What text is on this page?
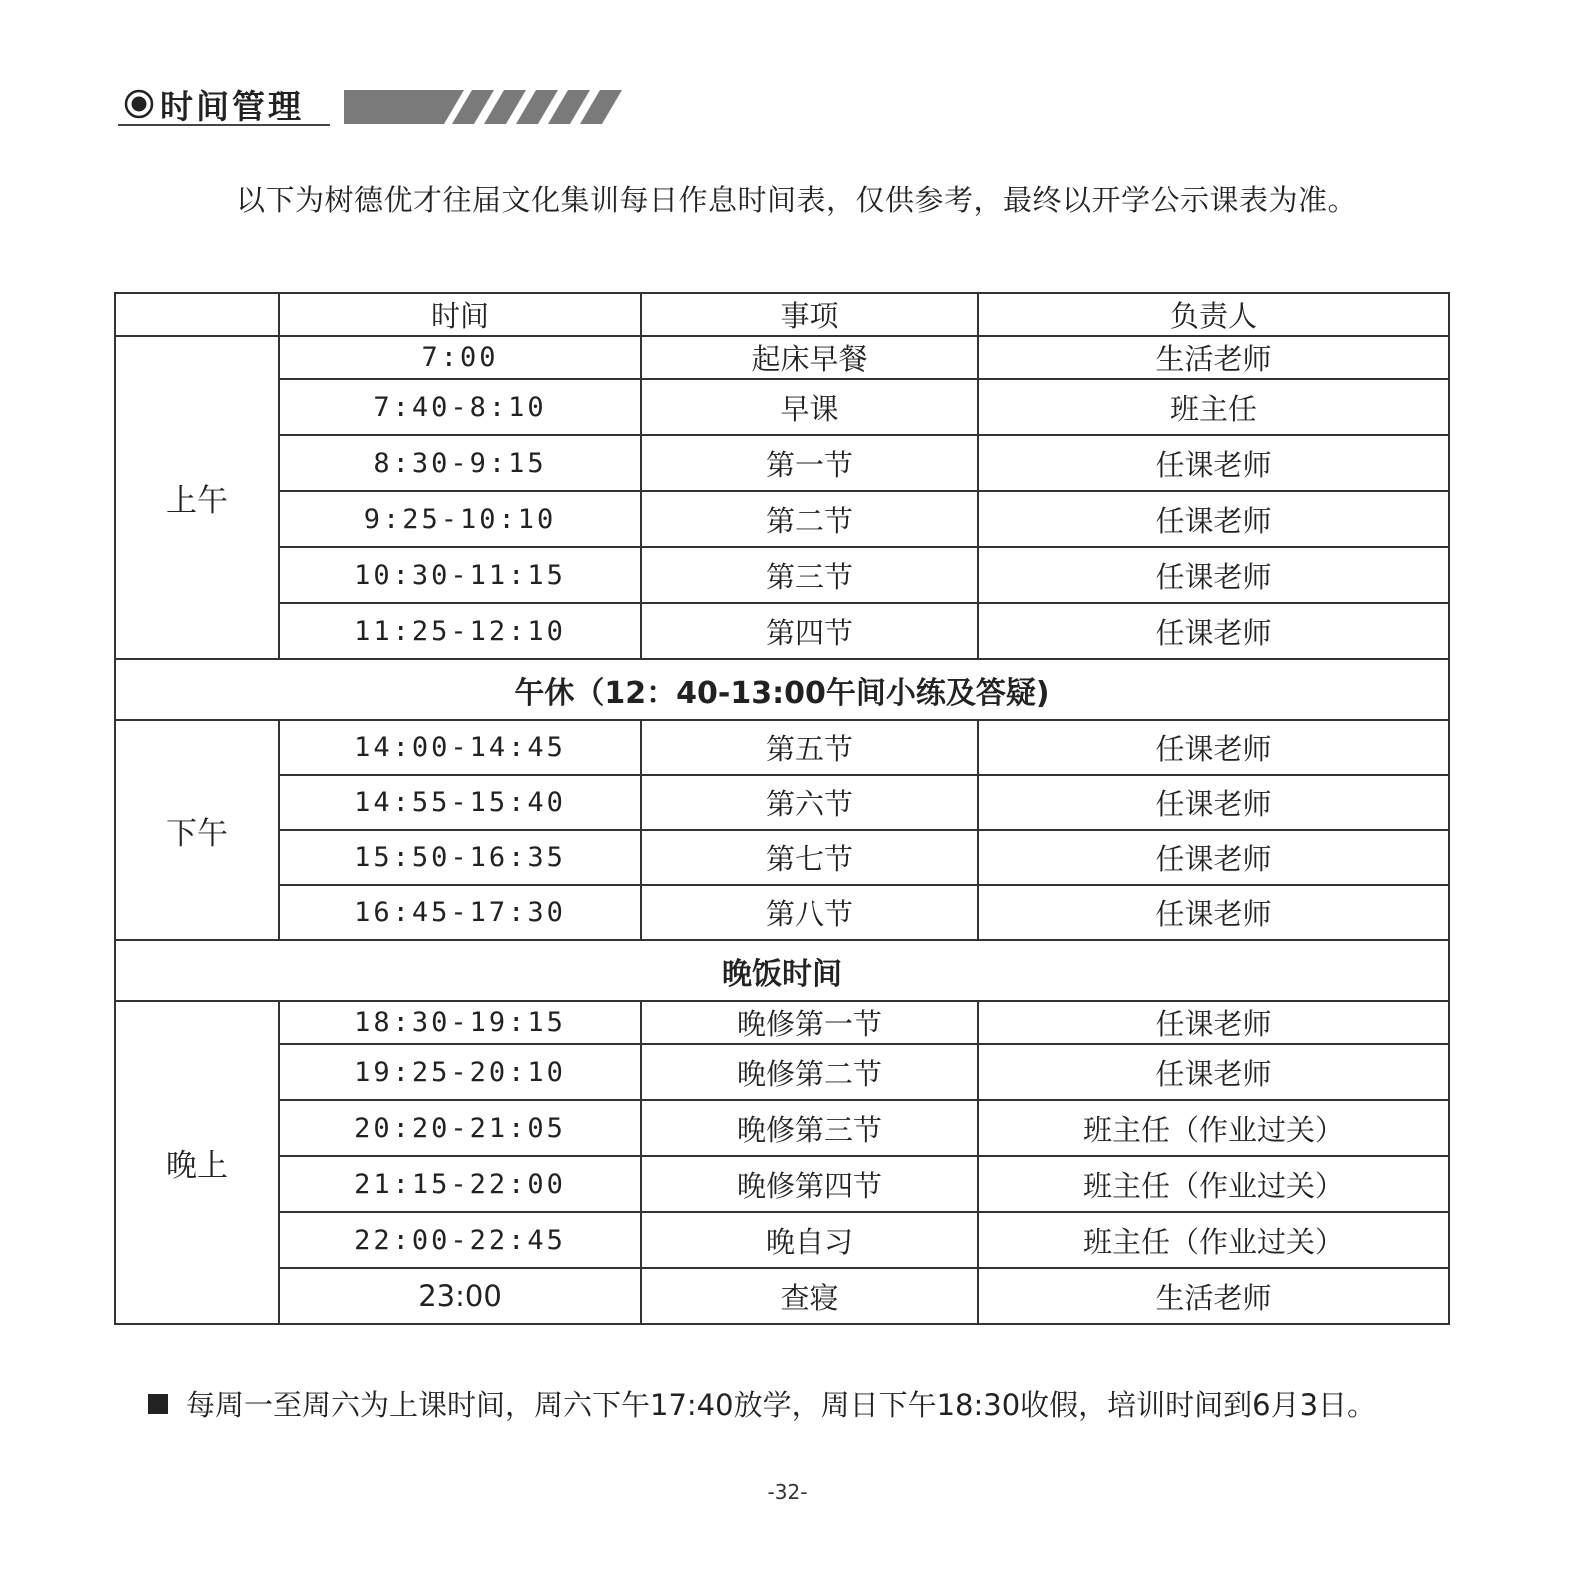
时间管理
以下为树德优才往届文化集训每日作息时间表，仅供参考，最终以开学公示课表为准。
	时间	事项	负责人
上午	7:00	起床早餐	生活老师
	7:40-8:10	早课	班主任
	8:30-9:15	第一节	任课老师
	9:25-10:10	第二节	任课老师
	10:30-11:15	第三节	任课老师
	11:25-12:10	第四节	任课老师
午休（12：40-13:00午间小练及答疑)			
下午	14:00-14:45	第五节	任课老师
	14:55-15:40	第六节	任课老师
	15:50-16:35	第七节	任课老师
	16:45-17:30	第八节	任课老师
晚饭时间			
晚上	18:30-19:15	晚修第一节	任课老师
	19:25-20:10	晚修第二节	任课老师
	20:20-21:05	晚修第三节	班主任（作业过关）
	21:15-22:00	晚修第四节	班主任（作业过关）
	22:00-22:45	晚自习	班主任（作业过关）
	23:00	查寝	生活老师
每周一至周六为上课时间，周六下午17:40放学，周日下午18:30收假，培训时间到6月3日。
-32-
